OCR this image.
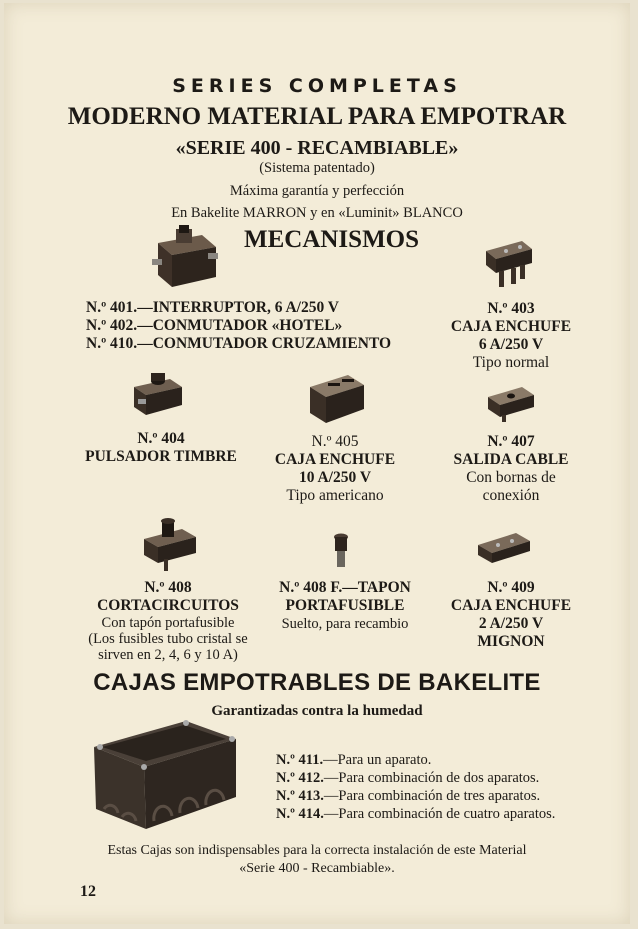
SERIES COMPLETAS
MODERNO MATERIAL PARA EMPOTRAR
«SERIE 400 - RECAMBIABLE»
(Sistema patentado)
Máxima garantía y perfección
En Bakelite MARRON y en «Luminit» BLANCO
MECANISMOS
N.º 401.—INTERRUPTOR, 6 A/250 V
N.º 402.—CONMUTADOR «HOTEL»
N.º 410.—CONMUTADOR CRUZAMIENTO
N.º 403
CAJA ENCHUFE
6 A/250 V
Tipo normal
N.º 404
PULSADOR TIMBRE
N.º 405
CAJA ENCHUFE
10 A/250 V
Tipo americano
N.º 407
SALIDA CABLE
Con bornas de
conexión
N.º 408
CORTACIRCUITOS
Con tapón portafusible
(Los fusibles tubo cristal se
sirven en 2, 4, 6 y 10 A)
N.º 408 F.—TAPON
PORTAFUSIBLE
Suelto, para recambio
N.º 409
CAJA ENCHUFE
2 A/250 V
MIGNON
CAJAS EMPOTRABLES DE BAKELITE
Garantizadas contra la humedad
N.º 411.—Para un aparato.
N.º 412.—Para combinación de dos aparatos.
N.º 413.—Para combinación de tres aparatos.
N.º 414.—Para combinación de cuatro aparatos.
Estas Cajas son indispensables para la correcta instalación de este Material
«Serie 400 - Recambiable».
12
